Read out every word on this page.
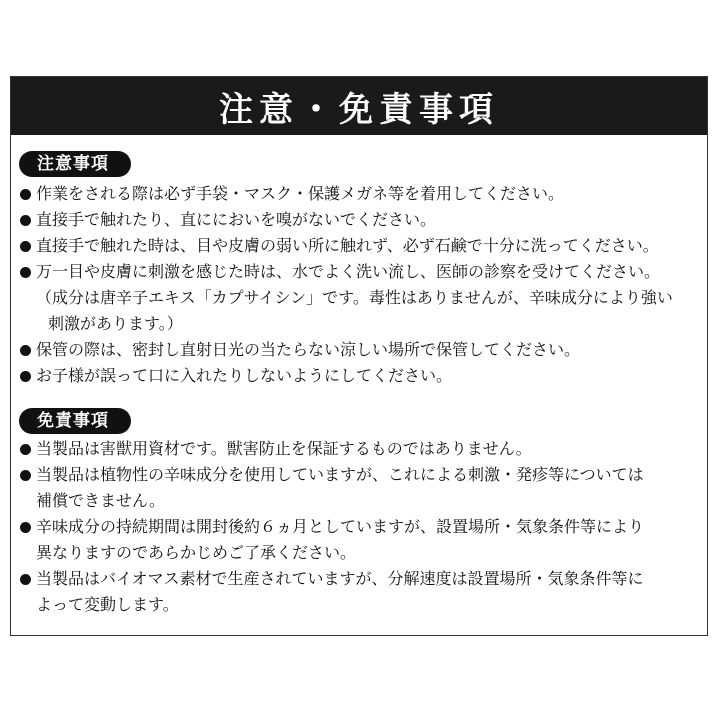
注意・免責事項
注意事項
作業をされる際は必ず手袋・マスク・保護メガネ等を着用してください。
直接手で触れたり、直ににおいを嗅がないでください。
直接手で触れた時は、目や皮膚の弱い所に触れず、必ず石鹸で十分に洗ってください。
万一目や皮膚に刺激を感じた時は、水でよく洗い流し、医師の診察を受けてください。
（成分は唐辛子エキス「カプサイシン」です。毒性はありませんが、辛味成分により強い
刺激があります。）
保管の際は、密封し直射日光の当たらない涼しい場所で保管してください。
お子様が誤って口に入れたりしないようにしてください。
免責事項
当製品は害獣用資材です。獣害防止を保証するものではありません。
当製品は植物性の辛味成分を使用していますが、これによる刺激・発疹等については
補償できません。
辛味成分の持続期間は開封後約６ヵ月としていますが、設置場所・気象条件等により
異なりますのであらかじめご了承ください。
当製品はバイオマス素材で生産されていますが、分解速度は設置場所・気象条件等に
よって変動します。
